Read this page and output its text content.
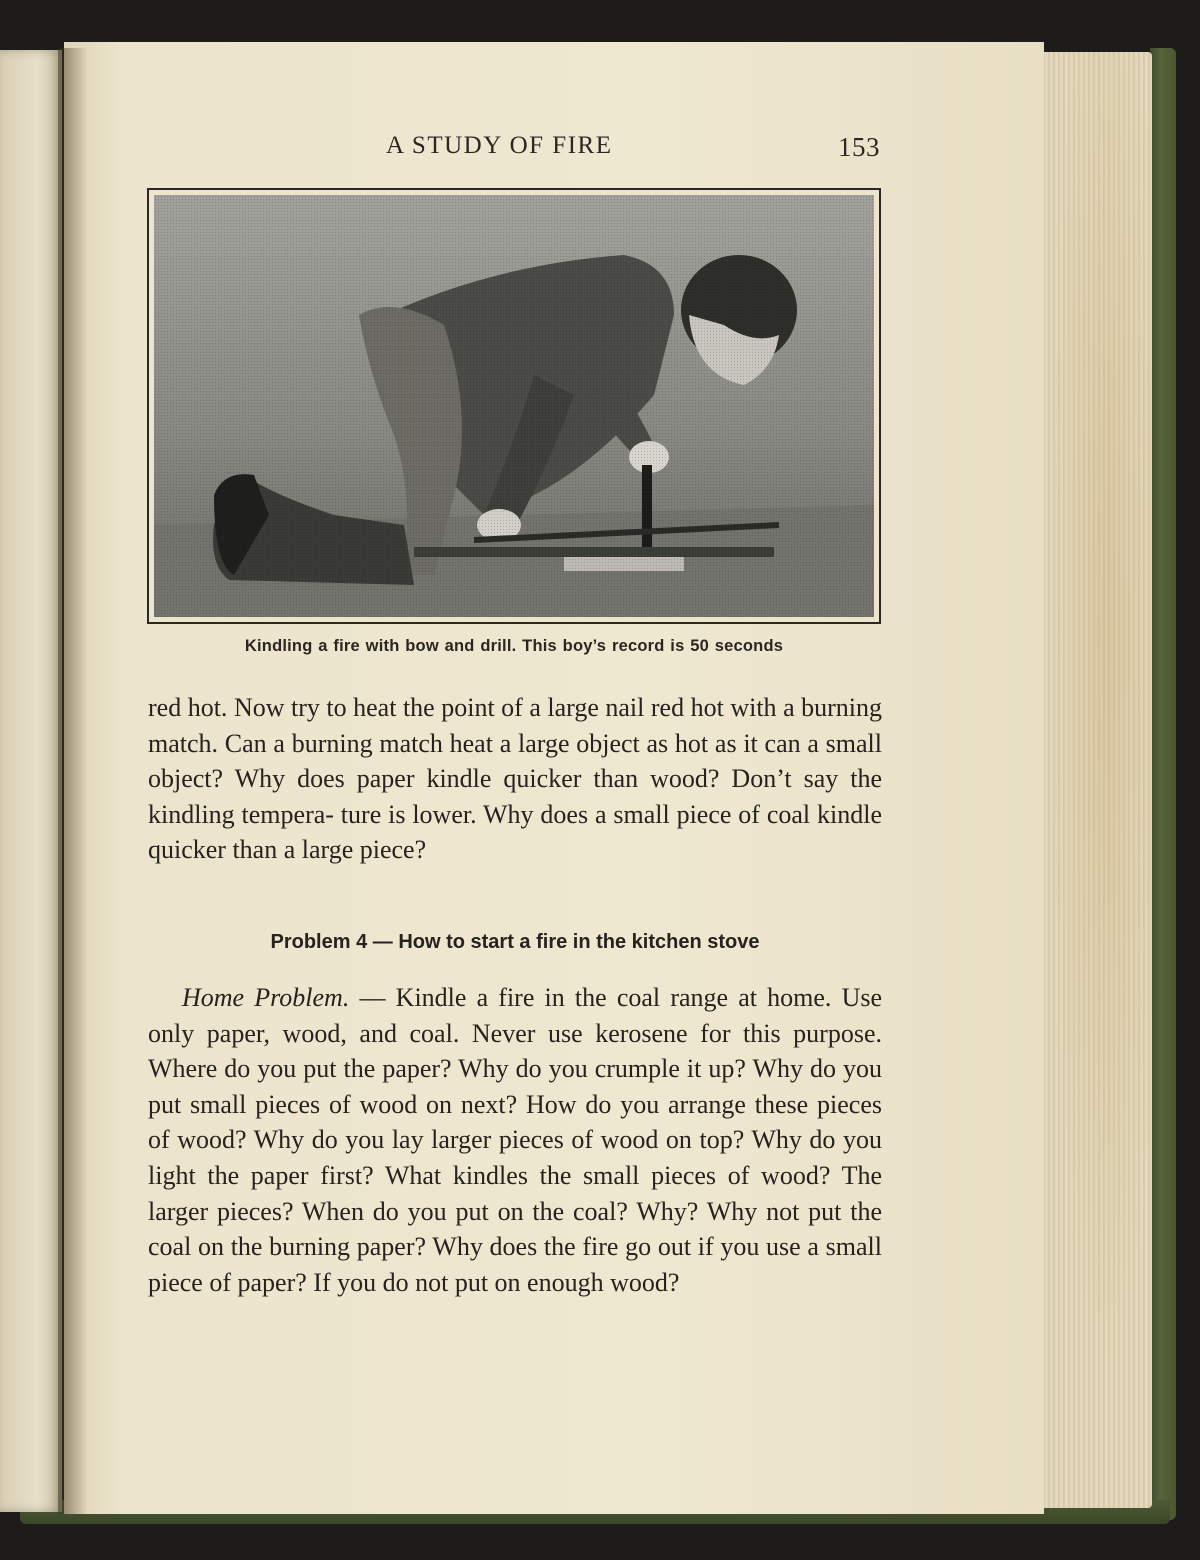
A STUDY OF FIRE	153
Kindling a fire with bow and drill. This boy’s record is 50 seconds
red hot. Now try to heat the point of a large nail red hot with a burning match. Can a burning match heat a large object as hot as it can a small object? Why does paper kindle quicker than wood? Don’t say the kindling tempera- ture is lower. Why does a small piece of coal kindle quicker than a large piece?
Problem 4 — How to start a fire in the kitchen stove
Home Problem. — Kindle a fire in the coal range at home. Use only paper, wood, and coal. Never use kerosene for this purpose. Where do you put the paper? Why do you crumple it up? Why do you put small pieces of wood on next? How do you arrange these pieces of wood? Why do you lay larger pieces of wood on top? Why do you light the paper first? What kindles the small pieces of wood? The larger pieces? When do you put on the coal? Why? Why not put the coal on the burning paper? Why does the fire go out if you use a small piece of paper? If you do not put on enough wood?
